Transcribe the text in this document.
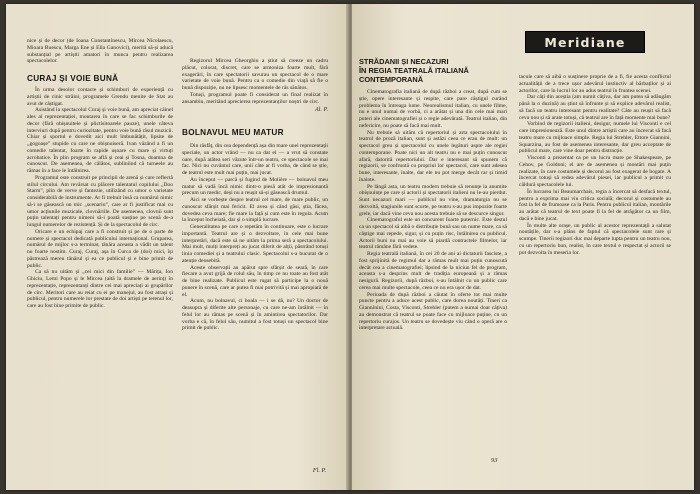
nice și de decor (de Ioana Constantinescu, Mircea Nicolaescu, Mioara Buescu, Marga Ene și Ella Ganovici), merită să-și aducă substanțial pe artiștii amatori în munca pentru realizarea spectacolelor.

CURAJ ȘI VOIE BUNĂ

În urma desolor contacte și schimburi de experiență cu artiștii de cinic străini, programele Grendu menite de Stat au avut de câștigat.

Asistând la spectacolul Curaj și voie bună, am apreciat câinel ales al reprezentației, montarea în care se fac schimburile de decor (fără obișnuitele și plictisitoarele pauze), unele câteva interviuri după pentru curiozitate, pentru voie bună râsul muzicii. Chiar și sportul e dovedit aici mult îmbunătățit, lipsite de „gogoașe” stupide cu care ne obișnuiseră. Ivan văzând a fi un comedie talentat, foarte în rapide ușoare cu mare și virtuți acrobatice. În plin program se află și ceai și Tosna, doamna de cunoscut. De asemenea, de câlătos, subliniind că turneele au rămas în a face le întâlnirea.

Programul este construit pe principii de arenă și care reflectă stilul circului. Am revărsat cu plăcere talentatul copilului „Doo Starm”, plin de verve și fantezie, utilizând cu umor o varietate considerabilă de instrumente. Ar fi trebuit însă ca numărul nimic să-i se găsească un mic „scenariu”, care ar fi justificat mai cu umor acțiunile muzicale, clovnăriile. De asemenea, clovnii sunt puțin talentați pentru nimeni să-i poată susține pe scenă de-a lungul numerelor de rezistență. Și de la spectacolul de circ.

Oricare e un echipaj care a fi construit și pe de o parte de numere și spectacol dedicată publicului internațional. Gruparea, numărul de mijloc s-a terminat, tânăra aceasta a vădit un talent nu foarte nostim. Curaj, Curaj, așa în Curca de (doi) mici, își păstrează mereu tânărul și ea ce publicul și e bine primit de public.

Ca să nu uităm și „cei mici din familie” — Mărița, Ion Ghiciu, Lemi Popo și le Mircea (altă la dramele de aerinț) în reprezentație, reprezentanți dintre cei mai apreciați ai grupărilor de circ. Meritori care au reiat cu ei pe manejul, au fost atrași și publicul, pentru numerele lor prestate de doi artiști pe terenul lor, care au fost bine primite de public.

Regizorul Mircea Gheorghiu a știut să creeze un cadru plăcut, colorat, discret, care se armoniza foarte mult, fără exagerări, în care spectatorii savurau un spectacol de o mare varietate de voie bună. Pentru ca o comedie din viață să fie o bună dispoziție, nu ne lipsesc momentele de râs sănătos.

Totuși, programul poate fi considerat un final realizat în ansamblu, meritând aprecierea reprezentanților noștri de circ.

Al. P.
BOLNAVUL MEU MATUR

Din răsfăț, din cea dependență așa din mare unei reprezentații speciale, un actor vrând — nu ca dat el — a vrut să constate oare, după atâtea seri văzute într-un teatru, ce spectacole se mai fac. Nici nu cuvântul care, unii câte ar fi vorba, de când se știe, de teatrul este mult mai puțin, mai jucat.

Au început — parcă și fugind de Molière — bolnavul meu matur să vadă încă nimic dintr-o piesă atât de impresionantă precum un medic, deși nu a reușit să-și găsească drumul.

Aici se vorbește despre teatrul cel mare, de mare public, un cunoscut sfârșit mai fericit. El avea și când găsi, știa, făcea, dovedea ceva mare; fie mare la față și cum este în regula. Acum la început încheiată, dar și o simplă lucrare.

Generalitatea pe care o repetăm în continuare, este o lucrare importantă. Teatrul are și o dezvoltare, în cele mai bune interpretări, dacă este să ne uităm la prima seră a spectacolului. Mai mult, mulți interpreți au jucat diferit de alții, păstrând totuși linia comediei și a teatrului clasic. Spectacolul s-a bucurat de o atenție deosebită.

Aceste observații au apărut spre sfârșit de seară, în care fiecare a avut grijă de rolul său, în timp ce nu toate au fost atât de bine realizate. Publicul este rugat să participe la o nouă punere în scenă, care ar putea fi mai potrivită și mai apropiată de el.

Acum, nu bolnavul, ci boala — i se dă, nu? Un doctor de deasupra și diferite alte personaje, cu care ne-am întâlnit — în felul lor au rămas pe scenă și în amintirea spectatorilor. Dar vorba e că, în felul său, numitul a fost totuși un spectacol bine primit de public.

Fl. P.
Meridiane
STRĂDANII ȘI NECAZURI
ÎN REGIA TEATRALĂ ITALIANĂ
CONTEMPORANĂ

Cinematografia italiană de după război a creat, după cum se știe, opere interesante și respite, care pare câștigul curând problema în întreaga lume. Neorealismul italian, cu unele filme, nu e unul numai de vorbă, ci a arătat și una din cele mai mari puteri ale cinematografiei și o regie adevărată. Teatrul italian, din nefericire, nu poate să facă mai mult.

Nu trebuie să uităm că repertoriul și arta spectacolului în teatrul de proză italian, sunt și astăzi ceea ce erau de mult: un spectacol greu și spectacolul cu unele legături aspre ale regiei contemporane. Poate nici un alt teatru nu e mai puțin cunoscut afară, datorită repertoriului. Dar e interesant să spunem că regizorii, se confruntă cu propriul lor spectacol, care sunt adesea bune, interesante, înalte, dar ele nu pot merge decât rar și timid înainte.

Pe lângă asta, un teatru modern trebuie să renunțe la anumite obișnuințe pe care și actorii și spectatorii italieni nu le-au pierdut. Sunt necazuri mari — publicul nu vine, dramaturgia nu se dezvoltă, stagiunile sunt scurte, pe teatru s-au pus impozite foarte grele, iar dacă vine ceva nou acesta trebuie să se descurce singur.

Cinematograful este un concurent foarte puternic. Este destul ca un spectacol să aibă o distribuție bună sau un nume mare, ca să câștige mai repede, sigur, și cu puțin risc, întâlnirea cu publicul. Actorii buni nu mai au voie să piardă contractele filmelor, iar teatrul rămâne fără vedete.

Regia teatrală italiană, în cei 20 de ani ai dictaturii fasciste, a fost sprijinită de regimul dar a rămas mult mai puțin cunoscută decât cea a cinematografiei; lipsind de la niciun fel de program, aceasta s-a desprins mult de tradiția europeană și a rămas nesigură. Regizorii, după război, s-au întâlnit cu un public care cerea mai multe spectacole, ceea ce nu era ușor de dat.

Perioada de după război a căutat în oferte tot mai multe puncte pentru a aduce acest public, care dorea noutăți. Tineri ca Gianninini, Costa, Visconti, Strehler (putem a numai doar câțiva) au demonstrat că teatrul se poate face cu mijloace puține, cu un repertoriu curajos. Un teatru se dovedește viu când o operă are o interpretare actuală.

tacule care să aibă o susținere proprie de a fi, fie acesta conflictul actualității de a trece ușor adevărul instinctiv al bărbaților și ai actorilor, care în lucrul lor au adus teatrul în fruntea scenei.

Dar câți din aceștia (am numit câțiva, dar am putea să adăugăm până la o duzină) au știut să înfrunte și să explice adevărul realist, să facă un teatru interesant pentru realitate? Câte au reușit să facă ceva nou și să arate totuși, că teatrul are în față momente mai bune?

Vorbind de regizorii italieni, desigur, numele lui Visconti e cel care impresionează. Este unul dintre artiștii care au încercat să facă teatru mare cu mijloace simple. Regia lui Strehler, Ettore Giannini, Squarzina, au fost de asemenea interesante, dar greu acceptate de publicul mare, care vine doar pentru distracție.

Visconti a prezentat ca pe un lucru mare pe Shakespeare, pe Cehov, pe Goldoni; el are de asemenea și montări mai puțin realizate, în care costumele și decorul au fost exagerat de bogate. A încercat totuși să redea adevărul piesei, iar publicul a primit cu căldură spectacolele lui.

În lucrarea lui Beaumarchais, regia a încercat să desfacă textul, pentru a exprima mai viu critica socială; decorul și costumele au fost la fel de frumoase ca la Paris. Pentru publicul italian, montările au arătat că teatrul de text poate fi la fel de atrăgător ca un film, dacă e bine jucat.

În multe alte orașe, un public al acestor reprezentații a salutat noutățile, dar s-a plâns de faptul că spectacolele sunt rare și scumpe. Tinerii regizori duc mai departe lupta pentru un teatru nou, cu un repertoriu bun, realist, în care textul e respectat și actorii se pot dezvolta în meseria lor.

93
